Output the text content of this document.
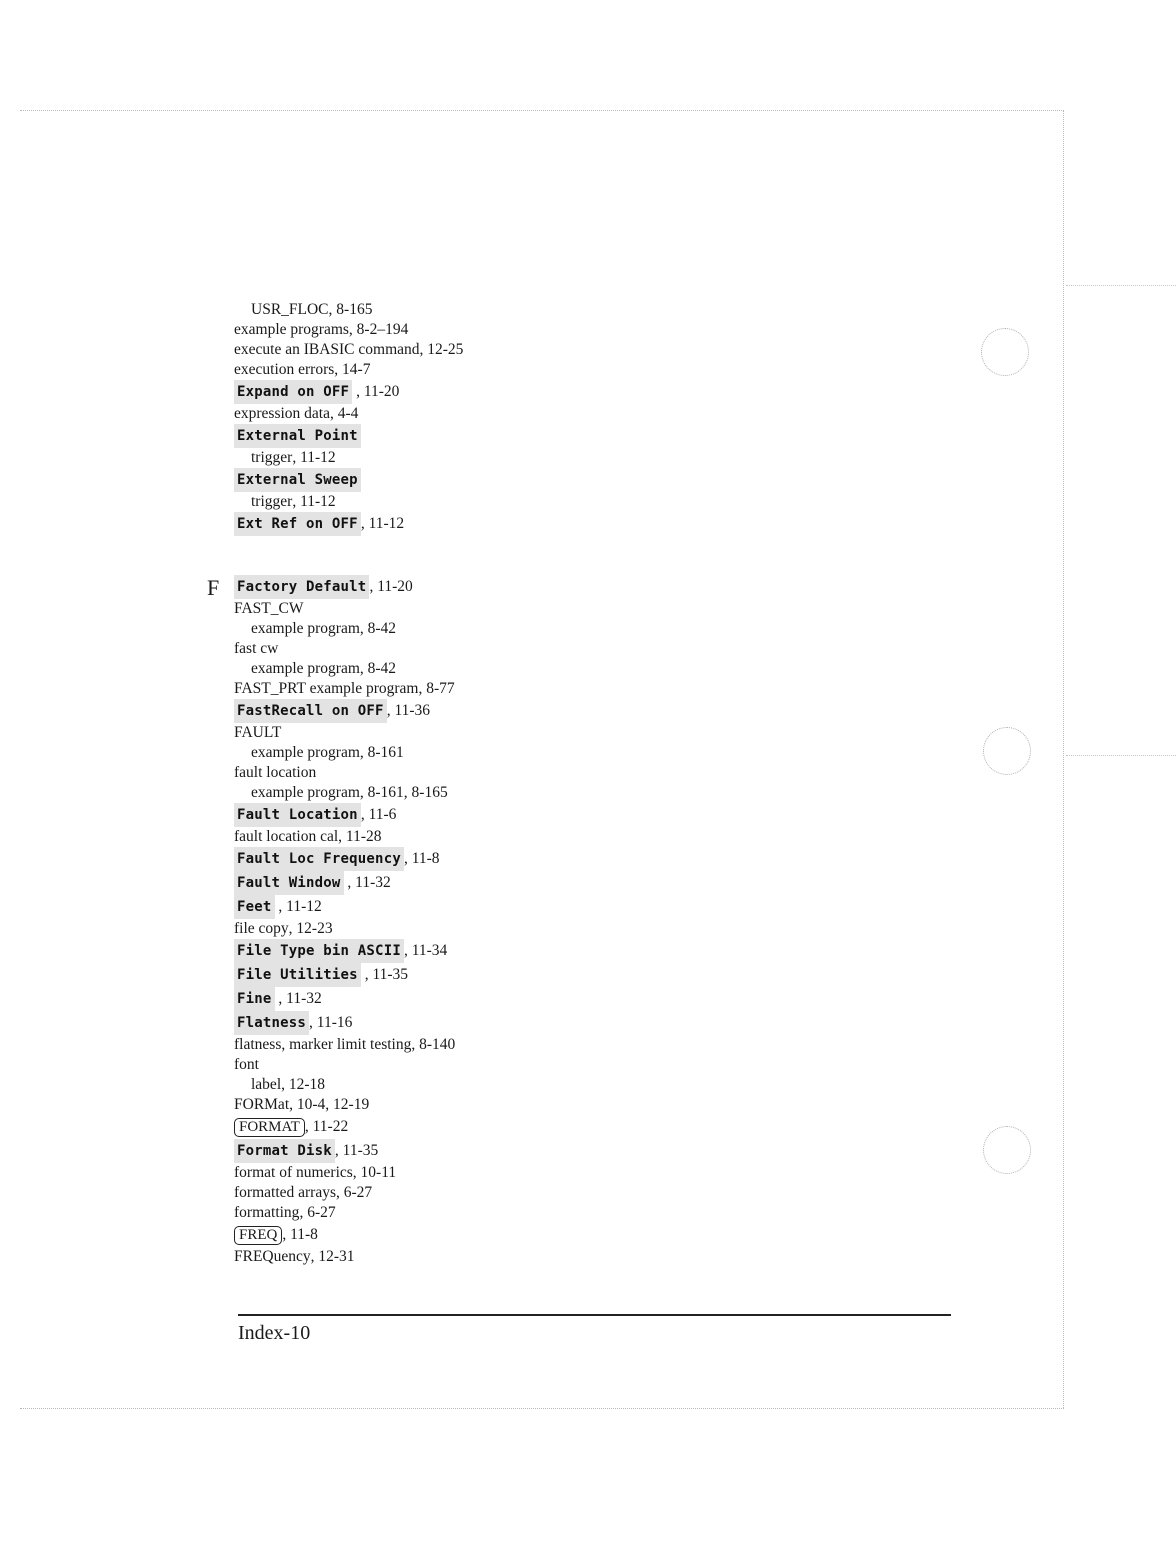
USR_FLOC , 8-165
example programs , 8-2–194
execute an IBASIC command , 12-25
execution errors , 14-7
Expand on OFF , 11-20
expression data , 4-4
External Point
trigger , 11-12
External Sweep
trigger , 11-12
Ext Ref on OFF , 11-12
Factory Default , 11-20
FAST_CW
example program , 8-42
fast cw
example program , 8-42
FAST_PRT example program , 8-77
FastRecall on OFF , 11-36
FAULT
example program , 8-161
fault location
example program , 8-161, 8-165
Fault Location , 11-6
fault location cal , 11-28
Fault Loc Frequency , 11-8
Fault Window , 11-32
Feet , 11-12
file copy , 12-23
File Type bin ASCII , 11-34
File Utilities , 11-35
Fine , 11-32
Flatness , 11-16
flatness, marker limit testing , 8-140
font
label , 12-18
FORMat , 10-4, 12-19
FORMAT , 11-22
Format Disk , 11-35
format of numerics , 10-11
formatted arrays , 6-27
formatting , 6-27
FREQ , 11-8
FREQuency , 12-31
F
Index-10
